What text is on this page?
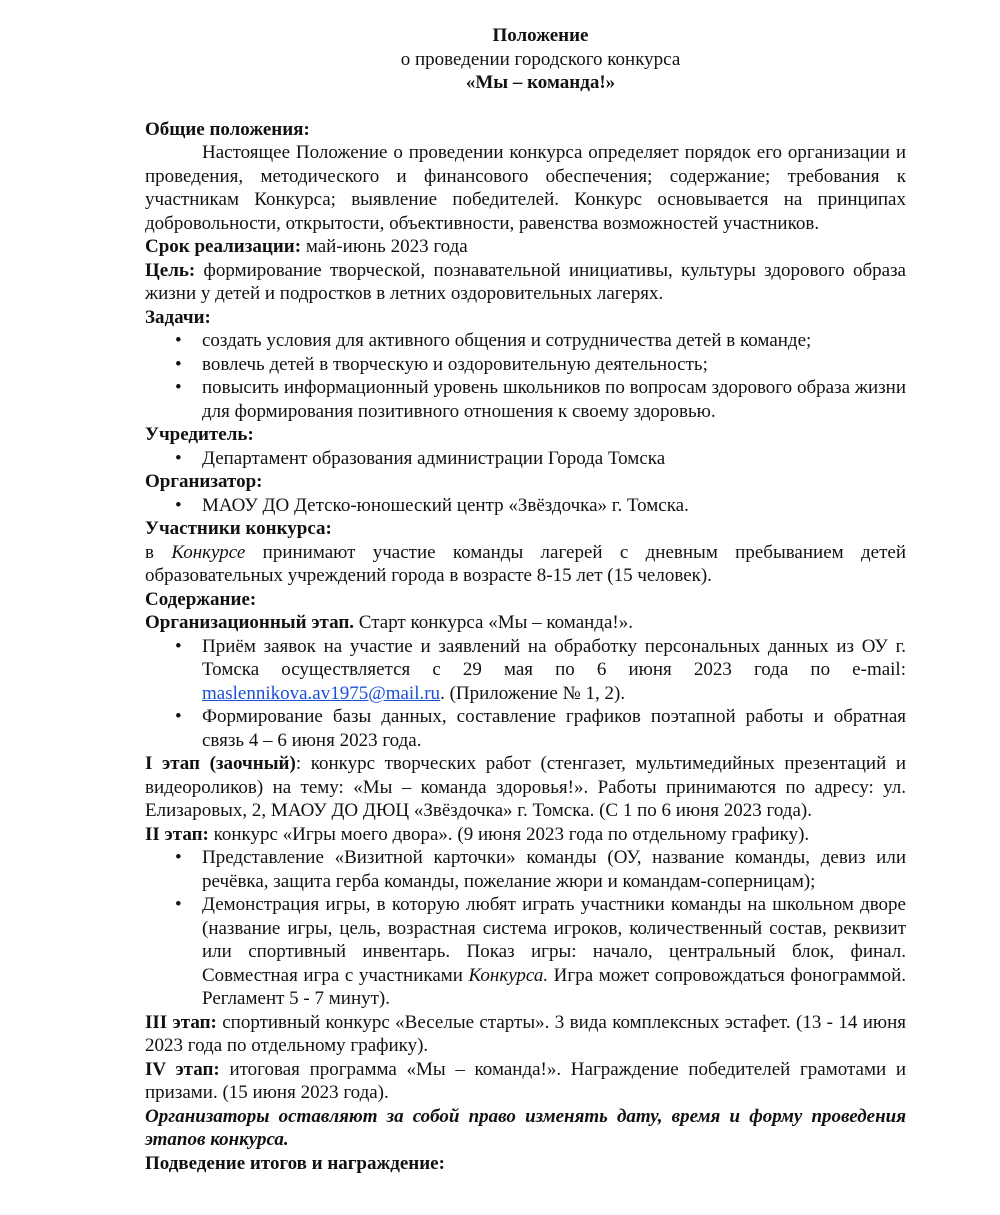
Положение
о проведении городского конкурса
«Мы – команда!»
Общие положения:

Настоящее Положение о проведении конкурса определяет порядок его организации и проведения, методического и финансового обеспечения; содержание; требования к участникам Конкурса; выявление победителей. Конкурс основывается на принципах добровольности, открытости, объективности, равенства возможностей участников.

Срок реализации: май-июнь 2023 года

Цель: формирование творческой, познавательной инициативы, культуры здорового образа жизни у детей и подростков в летних оздоровительных лагерях.

Задачи:
• создать условия для активного общения и сотрудничества детей в команде;
• вовлечь детей в творческую и оздоровительную деятельность;
• повысить информационный уровень школьников по вопросам здорового образа жизни для формирования позитивного отношения к своему здоровью.
Учредитель:
• Департамент образования администрации Города Томска
Организатор:
• МАОУ ДО Детско-юношеский центр «Звёздочка» г. Томска.
Участники конкурса:

в Конкурсе принимают участие команды лагерей с дневным пребыванием детей образовательных учреждений города в возрасте 8-15 лет (15 человек).

Содержание:

Организационный этап. Старт конкурса «Мы – команда!».

• Приём заявок на участие и заявлений на обработку персональных данных из ОУ г. Томска осуществляется с 29 мая по 6 июня 2023 года по e-mail: maslennikova.av1975@mail.ru. (Приложение № 1, 2).
• Формирование базы данных, составление графиков поэтапной работы и обратная связь 4 – 6 июня 2023 года.

I этап (заочный): конкурс творческих работ (стенгазет, мультимедийных презентаций и видеороликов) на тему: «Мы – команда здоровья!». Работы принимаются по адресу: ул. Елизаровых, 2, МАОУ ДО ДЮЦ «Звёздочка» г. Томска. (С 1 по 6 июня 2023 года).

II этап: конкурс «Игры моего двора». (9 июня 2023 года по отдельному графику).

• Представление «Визитной карточки» команды (ОУ, название команды, девиз или речёвка, защита герба команды, пожелание жюри и командам-соперницам);
• Демонстрация игры, в которую любят играть участники команды на школьном дворе (название игры, цель, возрастная система игроков, количественный состав, реквизит или спортивный инвентарь. Показ игры: начало, центральный блок, финал. Совместная игра с участниками Конкурса. Игра может сопровождаться фонограммой. Регламент 5 - 7 минут).

III этап: спортивный конкурс «Веселые старты». 3 вида комплексных эстафет. (13 - 14 июня 2023 года по отдельному графику).

IV этап: итоговая программа «Мы – команда!». Награждение победителей грамотами и призами. (15 июня 2023 года).

Организаторы оставляют за собой право изменять дату, время и форму проведения этапов конкурса.

Подведение итогов и награждение:
